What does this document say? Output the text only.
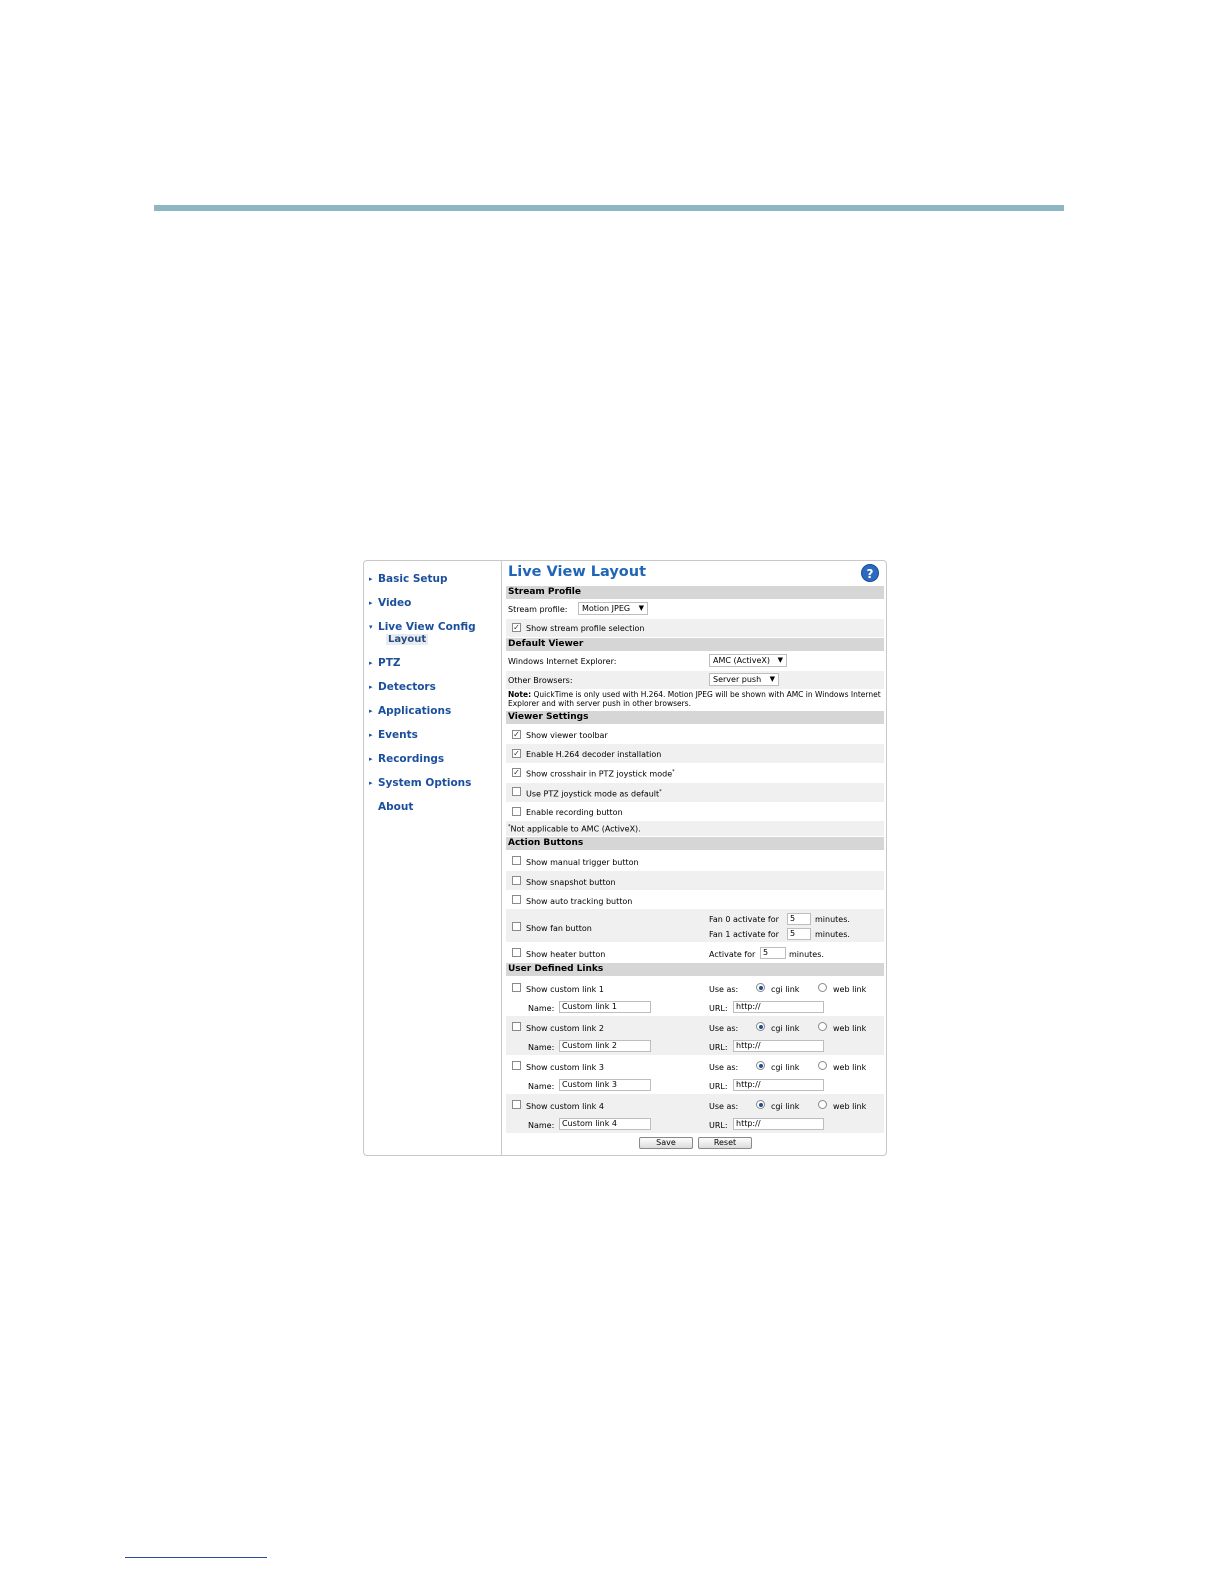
▸ Basic Setup
▸ Video
▾ Live View Config
Layout
▸ PTZ
▸ Detectors
▸ Applications
▸ Events
▸ Recordings
▸ System Options
About
Live View Layout	?
Stream Profile
Stream profile:	Motion JPEG ▼
✓ Show stream profile selection
Default Viewer
Windows Internet Explorer:	AMC (ActiveX) ▼
Other Browsers:	Server push ▼
Note: QuickTime is only used with H.264. Motion JPEG will be shown with AMC in Windows Internet Explorer and with server push in other browsers.
Viewer Settings
✓ Show viewer toolbar
✓ Enable H.264 decoder installation
✓ Show crosshair in PTZ joystick mode*
Use PTZ joystick mode as default*
Enable recording button
*Not applicable to AMC (ActiveX).
Action Buttons
Show manual trigger button
Show snapshot button
Show auto tracking button
Show fan button
Fan 0 activate for	5	minutes.
Fan 1 activate for	5	minutes.
Show heater button	Activate for 5	minutes.
User Defined Links
Show custom link 1	Use as:	cgi link	web link
Name: Custom link 1	URL:	http://
Show custom link 2	Use as:	cgi link	web link
Name: Custom link 2	URL:	http://
Show custom link 3	Use as:	cgi link	web link
Name: Custom link 3	URL:	http://
Show custom link 4	Use as:	cgi link	web link
Name: Custom link 4	URL:	http://
Save	Reset
